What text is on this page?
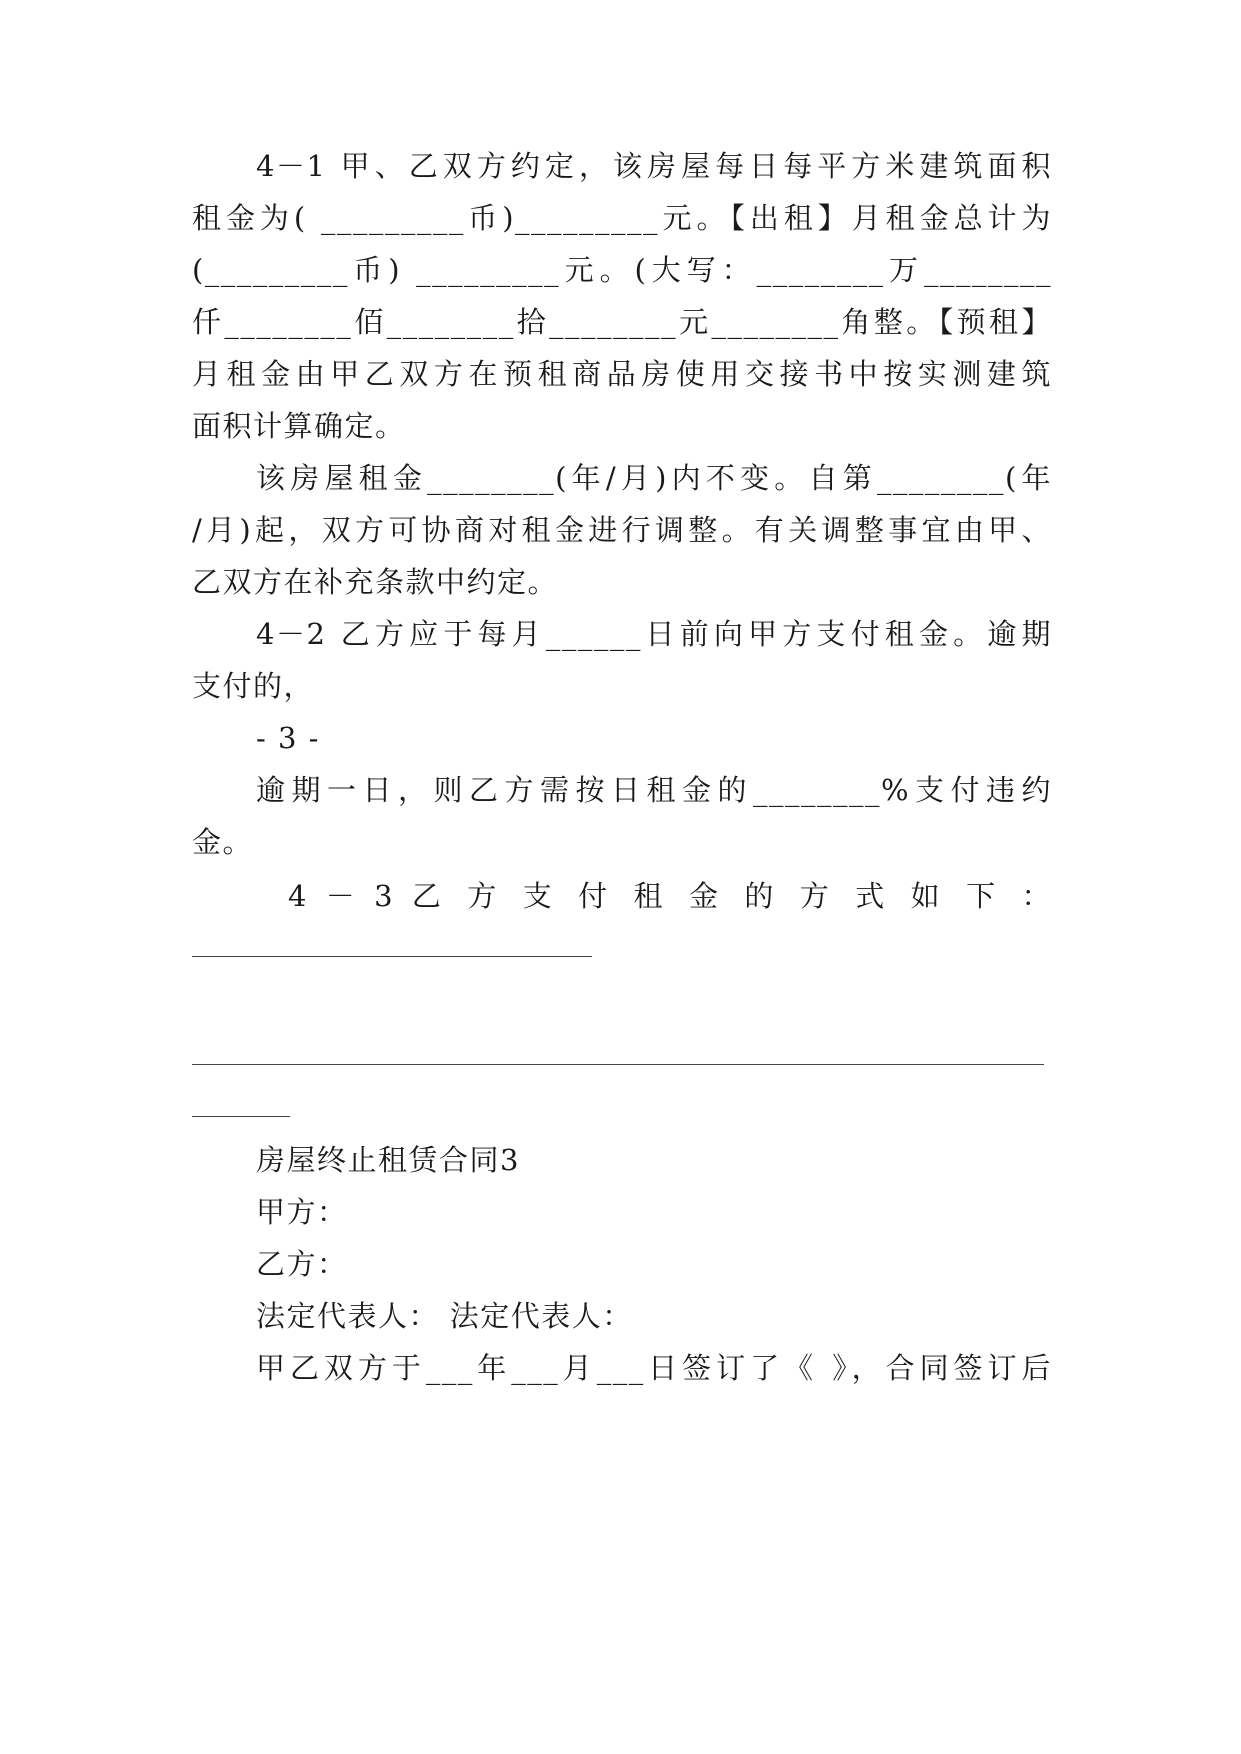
4－1 甲、乙双方约定，该房屋每日每平方米建筑面积
租金为( _________币)_________元。【出租】月租金总计为
(_________币) _________元。(大写：________万________
仟________佰________拾________元________角整。【预租】
月租金由甲乙双方在预租商品房使用交接书中按实测建筑
面积计算确定。
该房屋租金________(年/月)内不变。自第________(年
/月)起，双方可协商对租金进行调整。有关调整事宜由甲、
乙双方在补充条款中约定。
4－2 乙方应于每月______日前向甲方支付租金。逾期
支付的，
- 3 -
逾期一日，则乙方需按日租金的________%支付违约
金。
4 － 3 乙 方 支 付 租 金 的 方 式 如 下 ：
房屋终止租赁合同3
甲方：
乙方：
法定代表人： 法定代表人：
甲乙双方于___年___月___日签订了《 》，合同签订后
